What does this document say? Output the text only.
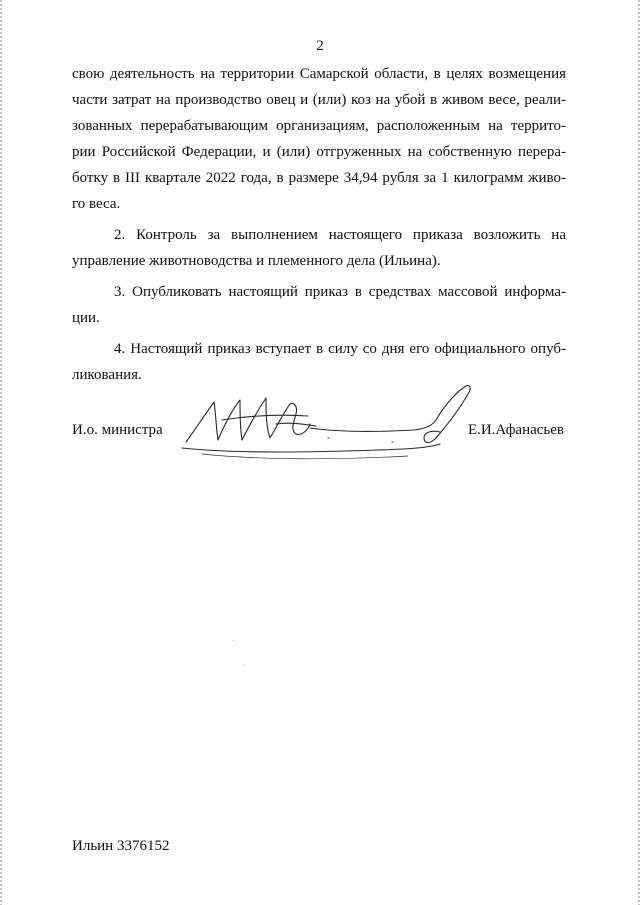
2
свою деятельность на территории Самарской области, в целях возмещения
части затрат на производство овец и (или) коз на убой в живом весе, реали-
зованных перерабатывающим организациям, расположенным на террито-
рии Российской Федерации, и (или) отгруженных на собственную перера-
ботку в III квартале 2022 года, в размере 34,94 рубля за 1 килограмм живо-
го веса.
2. Контроль за выполнением настоящего приказа возложить на
управление животноводства и племенного дела (Ильина).
3. Опубликовать настоящий приказ в средствах массовой информа-
ции.
4. Настоящий приказ вступает в силу со дня его официального опуб-
ликования.
И.о. министра	Е.И.Афанасьев
Ильин 3376152
